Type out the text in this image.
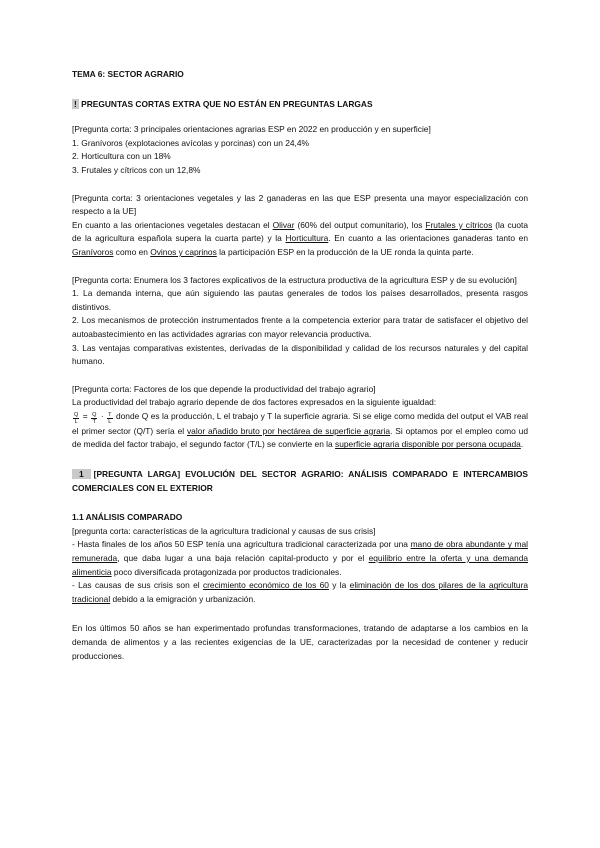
TEMA 6: SECTOR AGRARIO

! PREGUNTAS CORTAS EXTRA QUE NO ESTÁN EN PREGUNTAS LARGAS

[Pregunta corta: 3 principales orientaciones agrarias ESP en 2022 en producción y en superficie]

1. Granívoros (explotaciones avícolas y porcinas) con un 24,4%

2. Horticultura con un 18%

3. Frutales y cítricos con un 12,8%

[Pregunta corta: 3 orientaciones vegetales y las 2 ganaderas en las que ESP presenta una mayor especialización con respecto a la UE]

En cuanto a las orientaciones vegetales destacan el Olivar (60% del output comunitario), los Frutales y cítricos (la cuota de la agricultura española supera la cuarta parte) y la Horticultura. En cuanto a las orientaciones ganaderas tanto en Granívoros como en Ovinos y caprinos la participación ESP en la producción de la UE ronda la quinta parte.

[Pregunta corta: Enumera los 3 factores explicativos de la estructura productiva de la agricultura ESP y de su evolución]

1. La demanda interna, que aún siguiendo las pautas generales de todos los países desarrollados, presenta rasgos distintivos.

2. Los mecanismos de protección instrumentados frente a la competencia exterior para tratar de satisfacer el objetivo del autoabastecimiento en las actividades agrarias con mayor relevancia productiva.

3. Las ventajas comparativas existentes, derivadas de la disponibilidad y calidad de los recursos naturales y del capital humano.

[Pregunta corta: Factores de los que depende la productividad del trabajo agrario]

La productividad del trabajo agrario depende de dos factores expresados en la siguiente igualdad:

$\frac{Q}{L} = \frac{Q}{T} \cdot \frac{T}{L}$ donde Q es la producción, L el trabajo y T la superficie agraria. Si se elige como medida del output el VAB real el primer sector (Q/T) sería el valor añadido bruto por hectárea de superficie agraria. Si optamos por el empleo como ud de medida del factor trabajo, el segundo factor (T/L) se convierte en la superficie agraria disponible por persona ocupada.

1 [PREGUNTA LARGA] EVOLUCIÓN DEL SECTOR AGRARIO: ANÁLISIS COMPARADO E INTERCAMBIOS COMERCIALES CON EL EXTERIOR

1.1 ANÁLISIS COMPARADO

[pregunta corta: características de la agricultura tradicional y causas de sus crisis]

- Hasta finales de los años 50 ESP tenía una agricultura tradicional caracterizada por una mano de obra abundante y mal remunerada, que daba lugar a una baja relación capital-producto y por el equilibrio entre la oferta y una demanda alimenticia poco diversificada protagonizada por productos tradicionales.

- Las causas de sus crisis son el crecimiento económico de los 60 y la eliminación de los dos pilares de la agricultura tradicional debido a la emigración y urbanización.

En los últimos 50 años se han experimentado profundas transformaciones, tratando de adaptarse a los cambios en la demanda de alimentos y a las recientes exigencias de la UE, caracterizadas por la necesidad de contener y reducir producciones.
